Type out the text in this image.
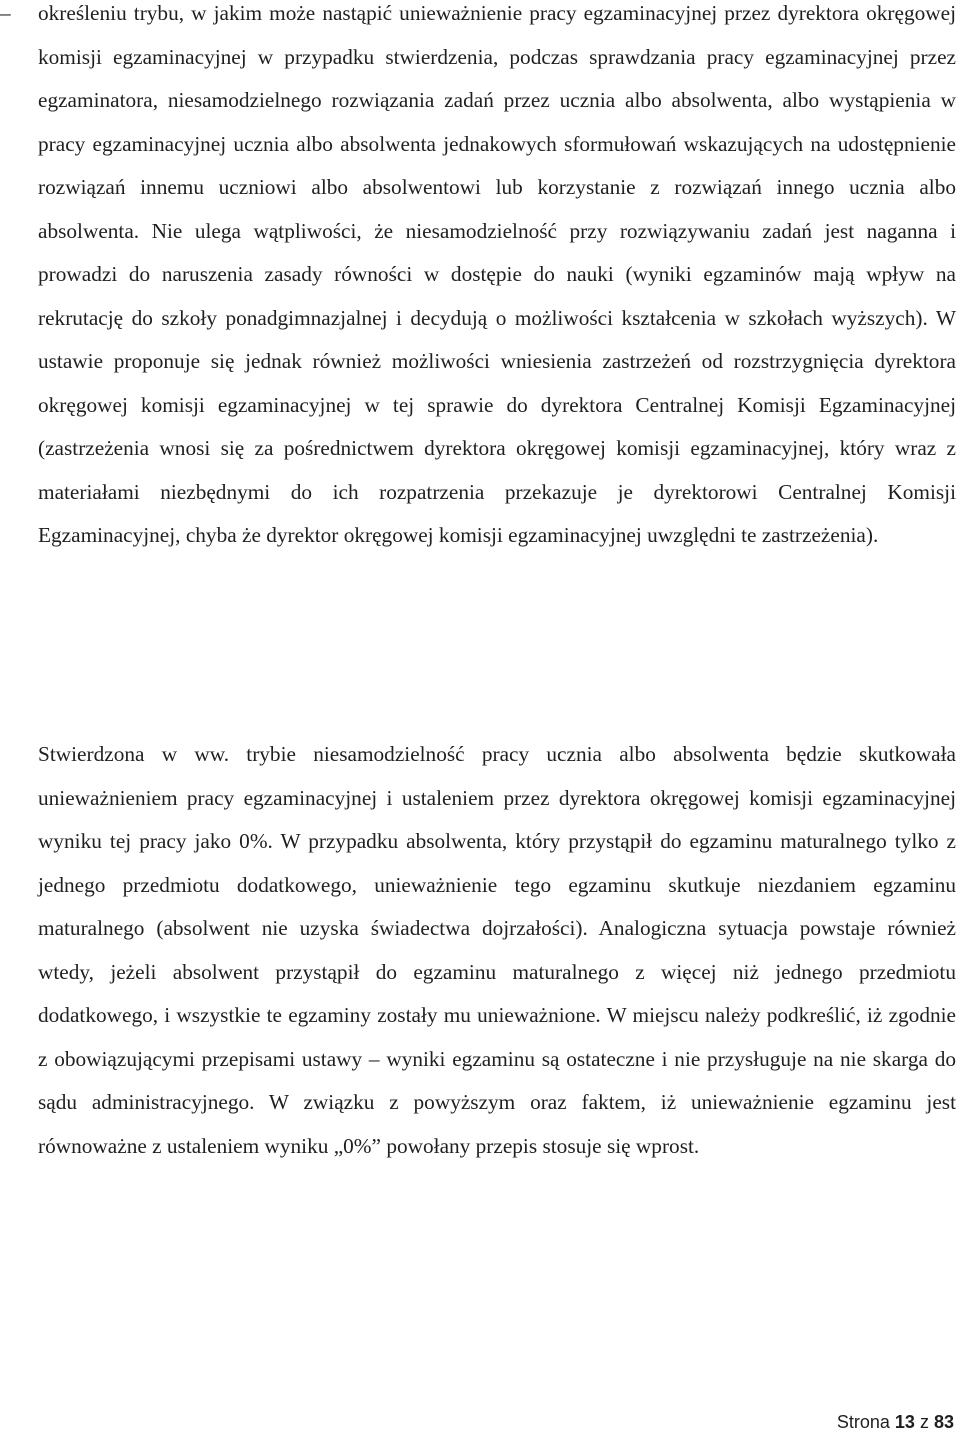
– określeniu trybu, w jakim może nastąpić unieważnienie pracy egzaminacyjnej przez dyrektora okręgowej komisji egzaminacyjnej w przypadku stwierdzenia, podczas sprawdzania pracy egzaminacyjnej przez egzaminatora, niesamodzielnego rozwiązania zadań przez ucznia albo absolwenta, albo wystąpienia w pracy egzaminacyjnej ucznia albo absolwenta jednakowych sformułowań wskazujących na udostępnienie rozwiązań innemu uczniowi albo absolwentowi lub korzystanie z rozwiązań innego ucznia albo absolwenta. Nie ulega wątpliwości, że niesamodzielność przy rozwiązywaniu zadań jest naganna i prowadzi do naruszenia zasady równości w dostępie do nauki (wyniki egzaminów mają wpływ na rekrutację do szkoły ponadgimnazjalnej i decydują o możliwości kształcenia w szkołach wyższych). W ustawie proponuje się jednak również możliwości wniesienia zastrzeżeń od rozstrzygnięcia dyrektora okręgowej komisji egzaminacyjnej w tej sprawie do dyrektora Centralnej Komisji Egzaminacyjnej (zastrzeżenia wnosi się za pośrednictwem dyrektora okręgowej komisji egzaminacyjnej, który wraz z materiałami niezbędnymi do ich rozpatrzenia przekazuje je dyrektorowi Centralnej Komisji Egzaminacyjnej, chyba że dyrektor okręgowej komisji egzaminacyjnej uwzględni te zastrzeżenia).

Stwierdzona w ww. trybie niesamodzielność pracy ucznia albo absolwenta będzie skutkowała unieważnieniem pracy egzaminacyjnej i ustaleniem przez dyrektora okręgowej komisji egzaminacyjnej wyniku tej pracy jako 0%. W przypadku absolwenta, który przystąpił do egzaminu maturalnego tylko z jednego przedmiotu dodatkowego, unieważnienie tego egzaminu skutkuje niezdaniem egzaminu maturalnego (absolwent nie uzyska świadectwa dojrzałości). Analogiczna sytuacja powstaje również wtedy, jeżeli absolwent przystąpił do egzaminu maturalnego z więcej niż jednego przedmiotu dodatkowego, i wszystkie te egzaminy zostały mu unieważnione. W miejscu należy podkreślić, iż zgodnie z obowiązującymi przepisami ustawy – wyniki egzaminu są ostateczne i nie przysługuje na nie skarga do sądu administracyjnego. W związku z powyższym oraz faktem, iż unieważnienie egzaminu jest równoważne z ustaleniem wyniku „0%” powołany przepis stosuje się wprost.

Strona 13 z 83
